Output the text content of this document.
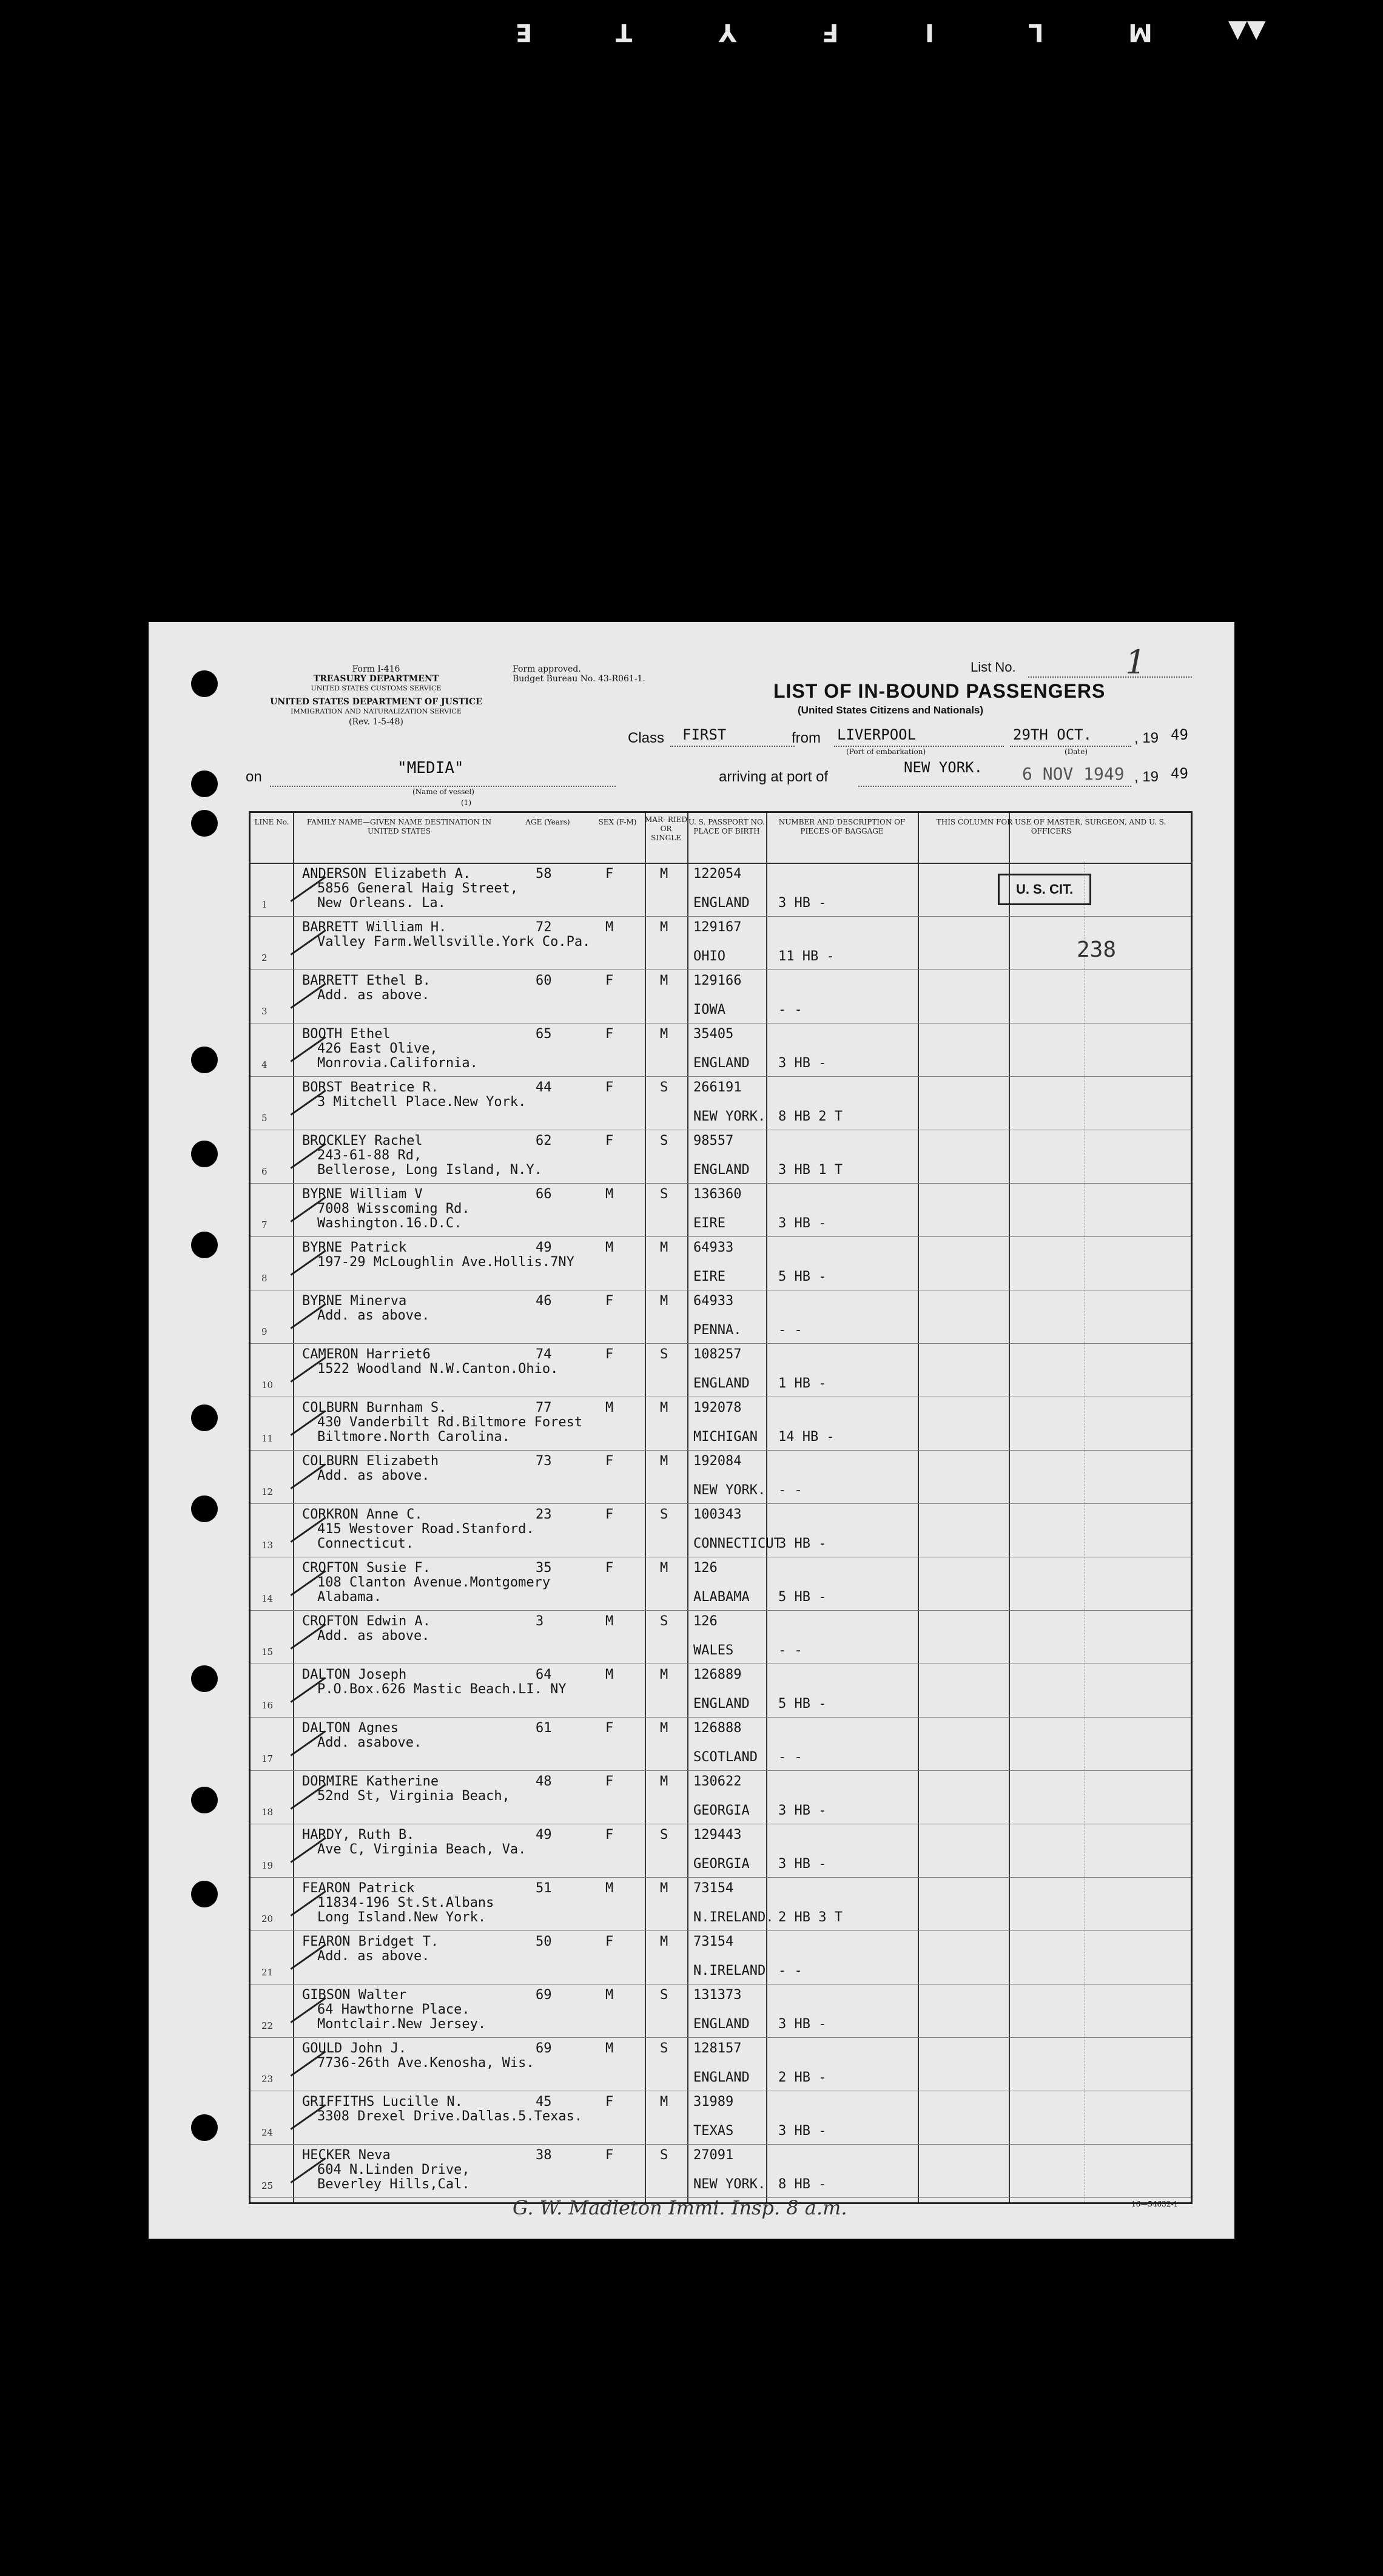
E	T	Y	F	I	L	M	▲▲
Form I-416
TREASURY DEPARTMENT
UNITED STATES CUSTOMS SERVICE
UNITED STATES DEPARTMENT OF JUSTICE
IMMIGRATION AND NATURALIZATION SERVICE
(Rev. 1-5-48)
Form approved.
Budget Bureau No. 43-R061-1.
List No.	1
LIST OF IN-BOUND PASSENGERS
(United States Citizens and Nationals)
Class FIRST	from LIVERPOOL
(Port of embarkation)
29TH OCT.
(Date)
, 19 49
on	"MEDIA"
(Name of vessel)
(1)
arriving at port of
NEW YORK. 6 NOV 1949 , 19 49
LINE No.	FAMILY NAME—GIVEN NAME DESTINATION IN UNITED STATES
AGE (Years)	SEX (F-M)	MAR- RIED OR SINGLE
U. S. PASSPORT NO. PLACE OF BIRTH
NUMBER AND DESCRIPTION OF PIECES OF BAGGAGE
THIS COLUMN FOR USE OF MASTER, SURGEON, AND U. S. OFFICERS
1
ANDERSON Elizabeth A.
5856 General Haig Street,
New Orleans. La.
58	F	M 122054
ENGLAND 3 HB -
2
BARRETT William H.
Valley Farm.Wellsville.York Co.Pa.
72	M	M 129167
OHIO	11 HB -
3
BARRETT Ethel B.
Add. as above.
60	F	M 129166
IOWA	- -
4
BOOTH Ethel
426 East Olive,
Monrovia.California.
65	F	M 35405
ENGLAND 3 HB -
5
BORST Beatrice R.
3 Mitchell Place.New York.
44	F	S 266191
NEW YORK. 8 HB 2 T
6
BROCKLEY Rachel
243-61-88 Rd,
Bellerose, Long Island, N.Y.
62	F	S 98557
ENGLAND 3 HB 1 T
7
BYRNE William V
7008 Wisscoming Rd.
Washington.16.D.C.
66	M	S 136360
EIRE	3 HB -
8
BYRNE Patrick
197-29 McLoughlin Ave.Hollis.7NY
49	M	M 64933
EIRE	5 HB -
9
BYRNE Minerva
Add. as above.
46	F	M 64933
PENNA.	- -
10
CAMERON Harriet6
1522 Woodland N.W.Canton.Ohio.
74	F	S 108257
ENGLAND 1 HB -
11
COLBURN Burnham S.
430 Vanderbilt Rd.Biltmore Forest
Biltmore.North Carolina.
77	M	M 192078
MICHIGAN 14 HB -
12
COLBURN Elizabeth
Add. as above.
73	F	M 192084
NEW YORK. - -
13
CORKRON Anne C.
415 Westover Road.Stanford.
Connecticut.
23	F	S 100343
CONNECTICUT
3 HB -
14
CROFTON Susie F.
108 Clanton Avenue.Montgomery
Alabama.
35	F	M 126
ALABAMA 5 HB -
15
CROFTON Edwin A.
Add. as above.
3	M	S 126
WALES	- -
16
DALTON Joseph
P.O.Box.626 Mastic Beach.LI. NY
64	M	M 126889
ENGLAND 5 HB -
17
DALTON Agnes
Add. asabove.
61	F	M 126888
SCOTLAND - -
18
DORMIRE Katherine
52nd St, Virginia Beach,
48	F	M 130622
GEORGIA 3 HB -
19
HARDY, Ruth B.
Ave C, Virginia Beach, Va.
49	F	S 129443
GEORGIA 3 HB -
20
FEARON Patrick
11834-196 St.St.Albans
Long Island.New York.
51	M	M 73154
N.IRELAND. 2 HB 3 T
21
FEARON Bridget T.
Add. as above.
50	F	M 73154
N.IRELAND - -
22
GIBSON Walter
64 Hawthorne Place.
Montclair.New Jersey.
69	M	S 131373
ENGLAND 3 HB -
23
GOULD John J.
7736-26th Ave.Kenosha, Wis.
69	M	S 128157
ENGLAND 2 HB -
24
GRIFFITHS Lucille N.
3308 Drexel Drive.Dallas.5.Texas.
45	F	M 31989
TEXAS	3 HB -
25
HECKER Neva
604 N.Linden Drive,
Beverley Hills,Cal.
38	F	S 27091
NEW YORK. 8 HB -
U. S. CIT.
238
G. W. Madleton Immi. Insp. 8 a.m.	16—54632-1
